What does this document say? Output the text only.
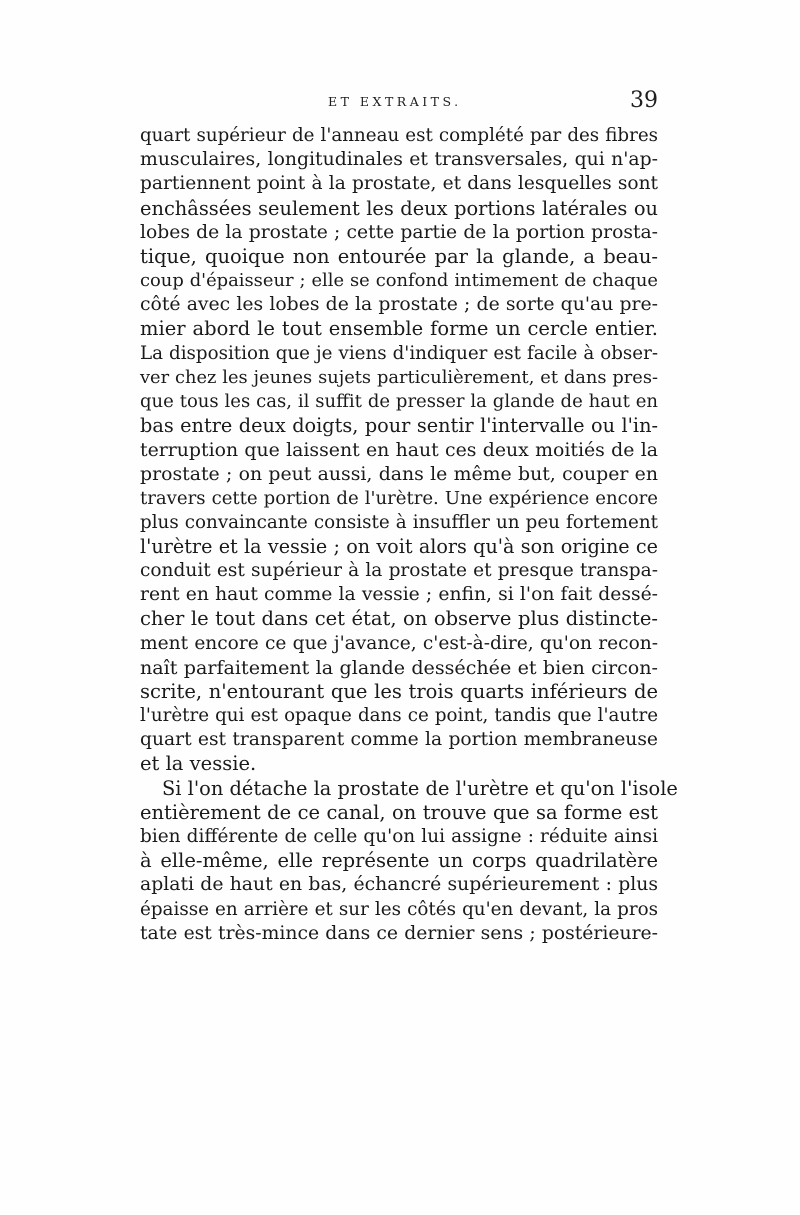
ET EXTRAITS.	39
quart supérieur de l'anneau est complété par des fibres
musculaires, longitudinales et transversales, qui n'ap-
partiennent point à la prostate, et dans lesquelles sont
enchâssées seulement les deux portions latérales ou
lobes de la prostate ; cette partie de la portion prosta-
tique, quoique non entourée par la glande, a beau-
coup d'épaisseur ; elle se confond intimement de chaque
côté avec les lobes de la prostate ; de sorte qu'au pre-
mier abord le tout ensemble forme un cercle entier.
La disposition que je viens d'indiquer est facile à obser-
ver chez les jeunes sujets particulièrement, et dans pres-
que tous les cas, il suffit de presser la glande de haut en
bas entre deux doigts, pour sentir l'intervalle ou l'in-
terruption que laissent en haut ces deux moitiés de la
prostate ; on peut aussi, dans le même but, couper en
travers cette portion de l'urètre. Une expérience encore
plus convaincante consiste à insuffler un peu fortement
l'urètre et la vessie ; on voit alors qu'à son origine ce
conduit est supérieur à la prostate et presque transpa-
rent en haut comme la vessie ; enfin, si l'on fait dessé-
cher le tout dans cet état, on observe plus distincte-
ment encore ce que j'avance, c'est-à-dire, qu'on recon-
naît parfaitement la glande desséchée et bien circon-
scrite, n'entourant que les trois quarts inférieurs de
l'urètre qui est opaque dans ce point, tandis que l'autre
quart est transparent comme la portion membraneuse
et la vessie.
Si l'on détache la prostate de l'urètre et qu'on l'isole
entièrement de ce canal, on trouve que sa forme est
bien différente de celle qu'on lui assigne : réduite ainsi
à elle-même, elle représente un corps quadrilatère
aplati de haut en bas, échancré supérieurement : plus
épaisse en arrière et sur les côtés qu'en devant, la pros
tate est très-mince dans ce dernier sens ; postérieure-
